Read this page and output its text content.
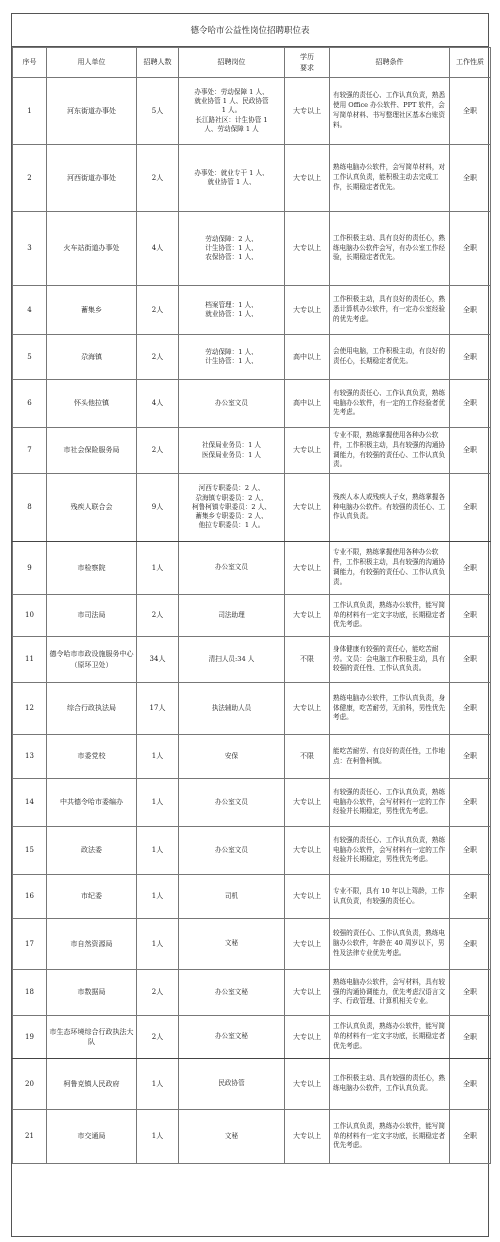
德令哈市公益性岗位招聘职位表
序号	用人单位	招聘人数	招聘岗位	学历
要求	招聘条件	工作性质
1	河东街道办事处	5人	办事处：劳动保障 1 人、
就业协管 1 人、民政协管
1 人。
长江路社区：计生协管 1
人、劳动保障 1 人	大专以上	有较强的责任心、工作认真负责，熟悉使用 Office 办公软件、PPT 软件，会写简单材料、书写整理社区基本台账资料。	全职
2	河西街道办事处	2人	办事处：就业专干 1 人、
就业协管 1 人、	大专以上	熟练电脑办公软件，会写简单材料，对工作认真负责，能积极主动去完成工作，长期稳定者优先。	全职
3	火车站街道办事处	4人	劳动保障：2 人、
计生协管：1 人、
农保协管：1 人、	大专以上	工作积极主动、具有良好的责任心，熟练电脑办公软件会写，有办公室工作经验，长期稳定者优先。	全职
4	蓄集乡	2人	档案管理：1 人、
就业协管：1 人、	大专以上	工作积极主动，具有良好的责任心，熟悉计算机办公软件，有一定办公室经验的优先考虑。	全职
5	尕海镇	2人	劳动保障：1 人、
计生协管：1 人、	高中以上	会使用电脑，工作积极主动，有良好的责任心，长期稳定者优先。	全职
6	怀头他拉镇	4人	办公室文员	高中以上	有较强的责任心、工作认真负责，熟练电脑办公软件，有一定的工作经验者优先考虑。	全职
7	市社会保险服务局	2人	社保局业务员：1 人
医保局业务员：1 人	大专以上	专业不限，熟练掌握使用各种办公软件，工作积极主动，具有较强的沟通协调能力，有较强的责任心、工作认真负责。	全职
8	残疾人联合会	9人	河西专职委员：2 人、
尕海镇专职委员：2 人、
柯鲁柯镇专职委员：2 人、
蓄集乡专职委员：2 人、
他拉专职委员：1 人。	大专以上	残疾人本人或残疾人子女，熟练掌握各种电脑办公软件。有较强的责任心、工作认真负责。	全职
9	市检察院	1人	办公室文员	大专以上	专业不限，熟练掌握使用各种办公软件，工作积极主动，具有较强的沟通协调能力，有较强的责任心、工作认真负责。	全职
10	市司法局	2人	司法助理	大专以上	工作认真负责，熟练办公软件，能写简单的材料有一定文字功底，长期稳定者优先考虑。	全职
11	德令哈市市政设施服务中心（原环卫处）	34人	清扫人员:34 人	不限	身体健康有较强的责任心，能吃苦耐劳。文员：会电脑工作积极主动，具有较强的责任性、工作认真负责。	全职
12	综合行政执法局	17人	执法辅助人员	大专以上	熟练电脑办公软件，工作认真负责，身体健康，吃苦耐劳，无前科，男性优先考虑。	全职
13	市委党校	1人	安保	不限	能吃苦耐劳、有良好的责任性，工作地点：在柯鲁柯镇。	全职
14	中共德令哈市委编办	1人	办公室文员	大专以上	有较强的责任心、工作认真负责，熟练电脑办公软件，会写材料有一定的工作经验并长期稳定，男性优先考虑。	全职
15	政法委	1人	办公室文员	大专以上	有较强的责任心、工作认真负责，熟练电脑办公软件，会写材料有一定的工作经验并长期稳定，男性优先考虑。	全职
16	市纪委	1人	司机	大专以上	专业不限，具有 10 年以上驾龄，工作认真负责，有较强的责任心。	全职
17	市自然资源局	1人	文秘	大专以上	较强的责任心、工作认真负责，熟练电脑办公软件，年龄在 40 周岁以下，男性及法律专业优先考虑。	全职
18	市数据局	2人	办公室文秘	大专以上	熟练电脑办公软件，会写材料，具有较强的沟通协调能力，优先考虑汉语言文字、行政管理、计算机相关专业。	全职
19	市生态环境综合行政执法大队	2人	办公室文秘	大专以上	工作认真负责，熟练办公软件，能写简单的材料有一定文字功底，长期稳定者优先考虑。	全职
20	柯鲁克镇人民政府	1人	民政协管	大专以上	工作积极主动、具有较强的责任心，熟练电脑办公软件，工作认真负责。	全职
21	市交通局	1人	文秘	大专以上	工作认真负责，熟练办公软件，能写简单的材料有一定文字功底，长期稳定者优先考虑。	全职
